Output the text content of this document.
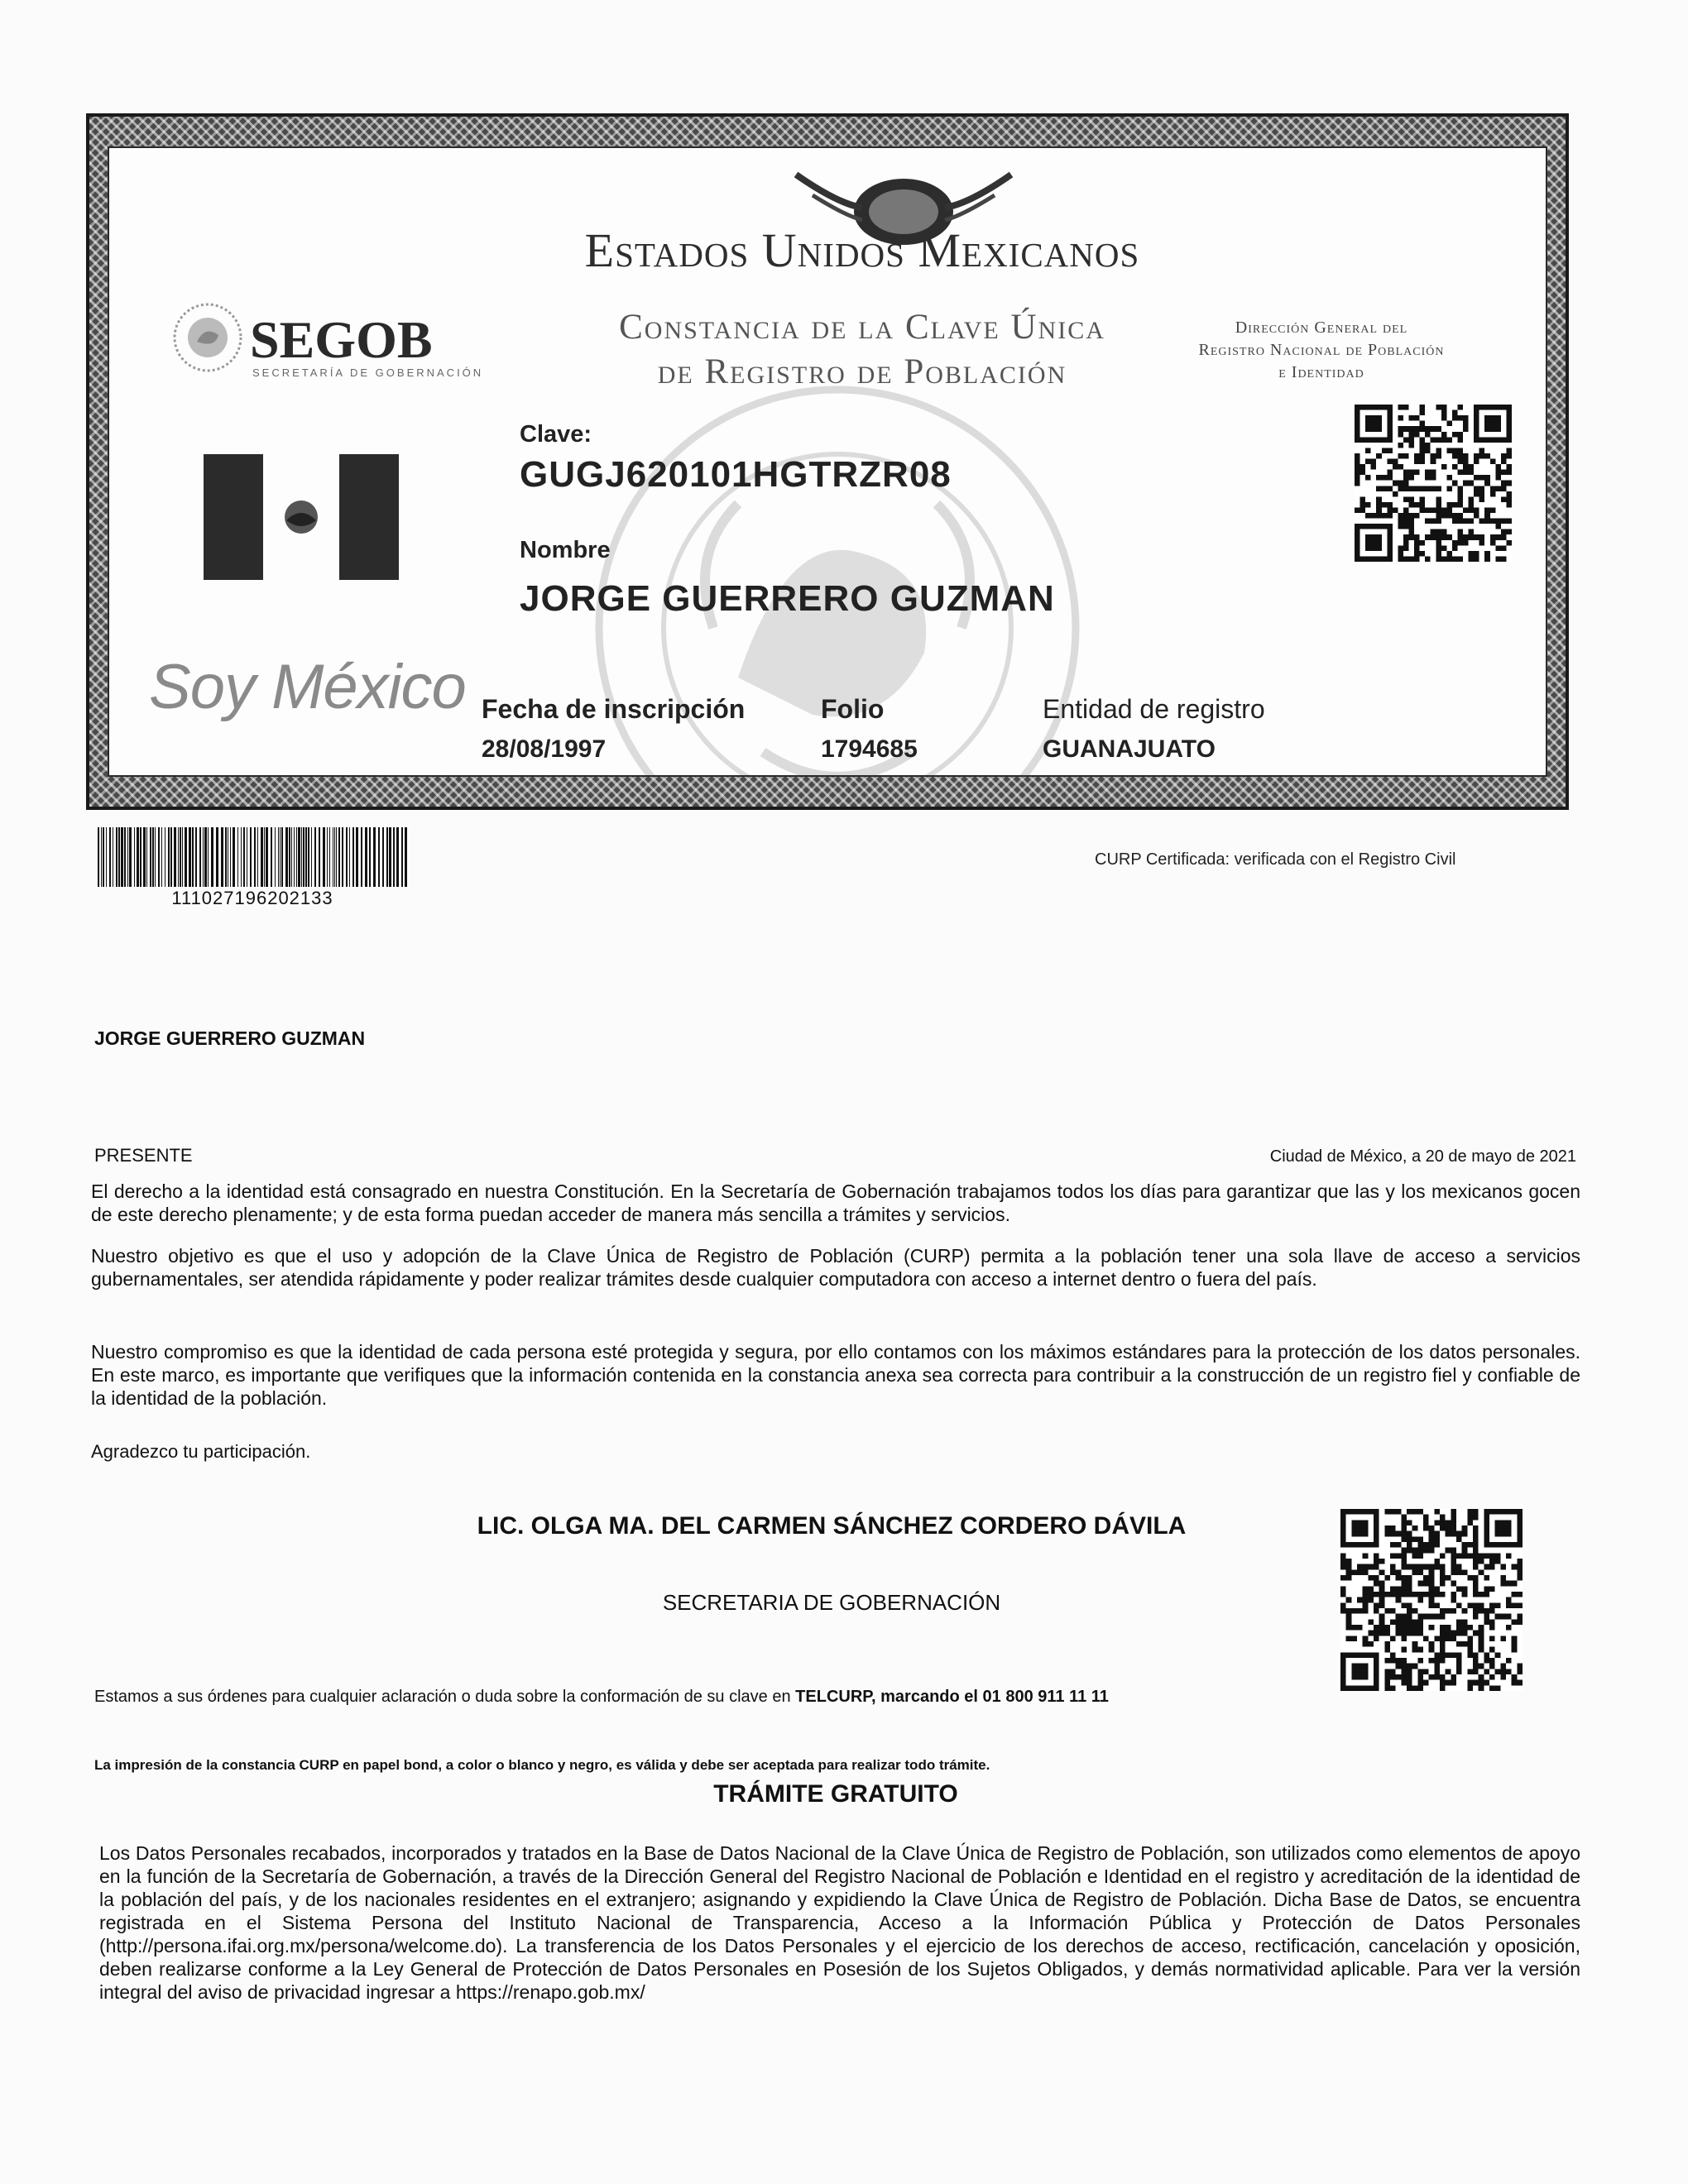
SEGOB
SECRETARÍA DE GOBERNACIÓN
Estados Unidos Mexicanos
Constancia de la Clave Única
de Registro de Población
Dirección General del
Registro Nacional de Población
e Identidad
Soy México
Clave:
GUGJ620101HGTRZR08
Nombre
JORGE GUERRERO GUZMAN
Fecha de inscripción
28/08/1997
Folio
1794685
Entidad de registro
GUANAJUATO
111027196202133
CURP Certificada: verificada con el Registro Civil
JORGE GUERRERO GUZMAN
PRESENTE	Ciudad de México, a 20 de mayo de 2021
El derecho a la identidad está consagrado en nuestra Constitución. En la Secretaría de Gobernación trabajamos todos los días para garantizar que las y los mexicanos gocen de este derecho plenamente; y de esta forma puedan acceder de manera más sencilla a trámites y servicios.
Nuestro objetivo es que el uso y adopción de la Clave Única de Registro de Población (CURP) permita a la población tener una sola llave de acceso a servicios gubernamentales, ser atendida rápidamente y poder realizar trámites desde cualquier computadora con acceso a internet dentro o fuera del país.
Nuestro compromiso es que la identidad de cada persona esté protegida y segura, por ello contamos con los máximos estándares para la protección de los datos personales. En este marco, es importante que verifiques que la información contenida en la constancia anexa sea correcta para contribuir a la construcción de un registro fiel y confiable de la identidad de la población.
Agradezco tu participación.
LIC. OLGA MA. DEL CARMEN SÁNCHEZ CORDERO DÁVILA
SECRETARIA DE GOBERNACIÓN
Estamos a sus órdenes para cualquier aclaración o duda sobre la conformación de su clave en TELCURP, marcando el 01 800 911 11 11
La impresión de la constancia CURP en papel bond, a color o blanco y negro, es válida y debe ser aceptada para realizar todo trámite.
TRÁMITE GRATUITO
Los Datos Personales recabados, incorporados y tratados en la Base de Datos Nacional de la Clave Única de Registro de Población, son utilizados como elementos de apoyo en la función de la Secretaría de Gobernación, a través de la Dirección General del Registro Nacional de Población e Identidad en el registro y acreditación de la identidad de la población del país, y de los nacionales residentes en el extranjero; asignando y expidiendo la Clave Única de Registro de Población. Dicha Base de Datos, se encuentra registrada en el Sistema Persona del Instituto Nacional de Transparencia, Acceso a la Información Pública y Protección de Datos Personales (http://persona.ifai.org.mx/persona/welcome.do). La transferencia de los Datos Personales y el ejercicio de los derechos de acceso, rectificación, cancelación y oposición, deben realizarse conforme a la Ley General de Protección de Datos Personales en Posesión de los Sujetos Obligados, y demás normatividad aplicable. Para ver la versión integral del aviso de privacidad ingresar a https://renapo.gob.mx/
